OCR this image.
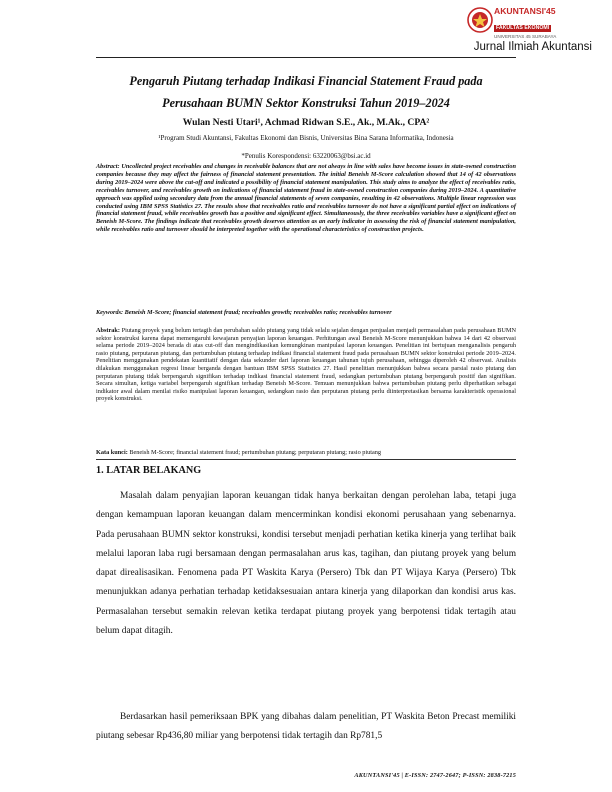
AKUNTANSI'45
FAKULTAS EKONOMI
UNIVERSITAS 45 SURABAYA
Jurnal Ilmiah Akuntansi
Pengaruh Piutang terhadap Indikasi Financial Statement Fraud pada
Perusahaan BUMN Sektor Konstruksi Tahun 2019–2024
Wulan Nesti Utari¹, Achmad Ridwan S.E., Ak., M.Ak., CPA²
¹Program Studi Akuntansi, Fakultas Ekonomi dan Bisnis, Universitas Bina Sarana Informatika, Indonesia
*Penulis Korespondensi: 63220063@bsi.ac.id
Abstract: Uncollected project receivables and changes in receivable balances that are not always in line with sales have become issues in state-owned construction companies because they may affect the fairness of financial statement presentation. The initial Beneish M-Score calculation showed that 14 of 42 observations during 2019–2024 were above the cut-off and indicated a possibility of financial statement manipulation. This study aims to analyze the effect of receivables ratio, receivables turnover, and receivables growth on indications of financial statement fraud in state-owned construction companies during 2019–2024. A quantitative approach was applied using secondary data from the annual financial statements of seven companies, resulting in 42 observations. Multiple linear regression was conducted using IBM SPSS Statistics 27. The results show that receivables ratio and receivables turnover do not have a significant partial effect on indications of financial statement fraud, while receivables growth has a positive and significant effect. Simultaneously, the three receivables variables have a significant effect on Beneish M-Score. The findings indicate that receivables growth deserves attention as an early indicator in assessing the risk of financial statement manipulation, while receivables ratio and turnover should be interpreted together with the operational characteristics of construction projects.
Keywords: Beneish M-Score; financial statement fraud; receivables growth; receivables ratio; receivables turnover
Abstrak: Piutang proyek yang belum tertagih dan perubahan saldo piutang yang tidak selalu sejalan dengan penjualan menjadi permasalahan pada perusahaan BUMN sektor konstruksi karena dapat memengaruhi kewajaran penyajian laporan keuangan. Perhitungan awal Beneish M-Score menunjukkan bahwa 14 dari 42 observasi selama periode 2019–2024 berada di atas cut-off dan mengindikasikan kemungkinan manipulasi laporan keuangan. Penelitian ini bertujuan menganalisis pengaruh rasio piutang, perputaran piutang, dan pertumbuhan piutang terhadap indikasi financial statement fraud pada perusahaan BUMN sektor konstruksi periode 2019–2024. Penelitian menggunakan pendekatan kuantitatif dengan data sekunder dari laporan keuangan tahunan tujuh perusahaan, sehingga diperoleh 42 observasi. Analisis dilakukan menggunakan regresi linear berganda dengan bantuan IBM SPSS Statistics 27. Hasil penelitian menunjukkan bahwa secara parsial rasio piutang dan perputaran piutang tidak berpengaruh signifikan terhadap indikasi financial statement fraud, sedangkan pertumbuhan piutang berpengaruh positif dan signifikan. Secara simultan, ketiga variabel berpengaruh signifikan terhadap Beneish M-Score. Temuan menunjukkan bahwa pertumbuhan piutang perlu diperhatikan sebagai indikator awal dalam menilai risiko manipulasi laporan keuangan, sedangkan rasio dan perputaran piutang perlu diinterpretasikan bersama karakteristik operasional proyek konstruksi.
Kata kunci: Beneish M-Score; financial statement fraud; pertumbuhan piutang; perputaran piutang; rasio piutang
1. LATAR BELAKANG
Masalah dalam penyajian laporan keuangan tidak hanya berkaitan dengan perolehan laba, tetapi juga dengan kemampuan laporan keuangan dalam mencerminkan kondisi ekonomi perusahaan yang sebenarnya. Pada perusahaan BUMN sektor konstruksi, kondisi tersebut menjadi perhatian ketika kinerja yang terlihat baik melalui laporan laba rugi bersamaan dengan permasalahan arus kas, tagihan, dan piutang proyek yang belum dapat direalisasikan. Fenomena pada PT Waskita Karya (Persero) Tbk dan PT Wijaya Karya (Persero) Tbk menunjukkan adanya perhatian terhadap ketidaksesuaian antara kinerja yang dilaporkan dan kondisi arus kas. Permasalahan tersebut semakin relevan ketika terdapat piutang proyek yang berpotensi tidak tertagih atau belum dapat ditagih.
Berdasarkan hasil pemeriksaan BPK yang dibahas dalam penelitian, PT Waskita Beton Precast memiliki piutang sebesar Rp436,80 miliar yang berpotensi tidak tertagih dan Rp781,5
AKUNTANSI'45 | E-ISSN: 2747-2647; P-ISSN: 2838-7215
